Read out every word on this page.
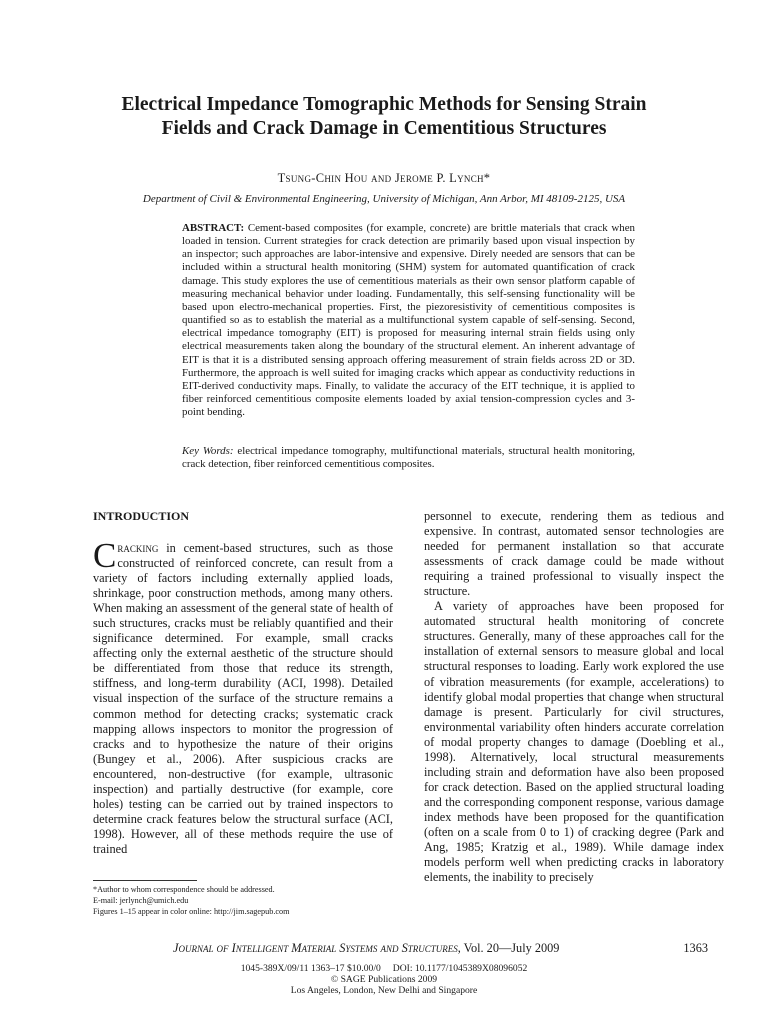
Electrical Impedance Tomographic Methods for Sensing Strain
Fields and Crack Damage in Cementitious Structures
Tsung-Chin Hou and Jerome P. Lynch*
Department of Civil & Environmental Engineering, University of Michigan, Ann Arbor, MI 48109-2125, USA
ABSTRACT: Cement-based composites (for example, concrete) are brittle materials that crack when loaded in tension. Current strategies for crack detection are primarily based upon visual inspection by an inspector; such approaches are labor-intensive and expensive. Direly needed are sensors that can be included within a structural health monitoring (SHM) system for automated quantification of crack damage. This study explores the use of cementitious materials as their own sensor platform capable of measuring mechanical behavior under loading. Fundamentally, this self-sensing functionality will be based upon electro-mechanical properties. First, the piezoresistivity of cementitious composites is quantified so as to establish the material as a multifunctional system capable of self-sensing. Second, electrical impedance tomography (EIT) is proposed for measuring internal strain fields using only electrical measurements taken along the boundary of the structural element. An inherent advantage of EIT is that it is a distributed sensing approach offering measurement of strain fields across 2D or 3D. Furthermore, the approach is well suited for imaging cracks which appear as conductivity reductions in EIT-derived conductivity maps. Finally, to validate the accuracy of the EIT technique, it is applied to fiber reinforced cementitious composite elements loaded by axial tension-compression cycles and 3-point bending.
Key Words: electrical impedance tomography, multifunctional materials, structural health monitoring, crack detection, fiber reinforced cementitious composites.
INTRODUCTION

Cracking in cement-based structures, such as those constructed of reinforced concrete, can result from a variety of factors including externally applied loads, shrinkage, poor construction methods, among many others. When making an assessment of the general state of health of such structures, cracks must be reliably quantified and their significance determined. For example, small cracks affecting only the external aesthetic of the structure should be differentiated from those that reduce its strength, stiffness, and long-term durability (ACI, 1998). Detailed visual inspection of the surface of the structure remains a common method for detecting cracks; systematic crack mapping allows inspectors to monitor the progression of cracks and to hypothesize the nature of their origins (Bungey et al., 2006). After suspicious cracks are encountered, non-destructive (for example, ultrasonic inspection) and partially destructive (for example, core holes) testing can be carried out by trained inspectors to determine crack features below the structural surface (ACI, 1998). However, all of these methods require the use of trained

personnel to execute, rendering them as tedious and expensive. In contrast, automated sensor technologies are needed for permanent installation so that accurate assessments of crack damage could be made without requiring a trained professional to visually inspect the structure.

A variety of approaches have been proposed for automated structural health monitoring of concrete structures. Generally, many of these approaches call for the installation of external sensors to measure global and local structural responses to loading. Early work explored the use of vibration measurements (for example, accelerations) to identify global modal properties that change when structural damage is present. Particularly for civil structures, environmental variability often hinders accurate correlation of modal property changes to damage (Doebling et al., 1998). Alternatively, local structural measurements including strain and deformation have also been proposed for crack detection. Based on the applied structural loading and the corresponding component response, various damage index methods have been proposed for the quantification (often on a scale from 0 to 1) of cracking degree (Park and Ang, 1985; Kratzig et al., 1989). While damage index models perform well when predicting cracks in laboratory elements, the inability to precisely

*Author to whom correspondence should be addressed.
E-mail: jerlynch@umich.edu
Figures 1–15 appear in color online: http://jim.sagepub.com
Journal of Intelligent Material Systems and Structures, Vol. 20—July 2009	1363
1045-389X/09/11 1363–17 $10.00/0 DOI: 10.1177/1045389X08096052
© SAGE Publications 2009
Los Angeles, London, New Delhi and Singapore
